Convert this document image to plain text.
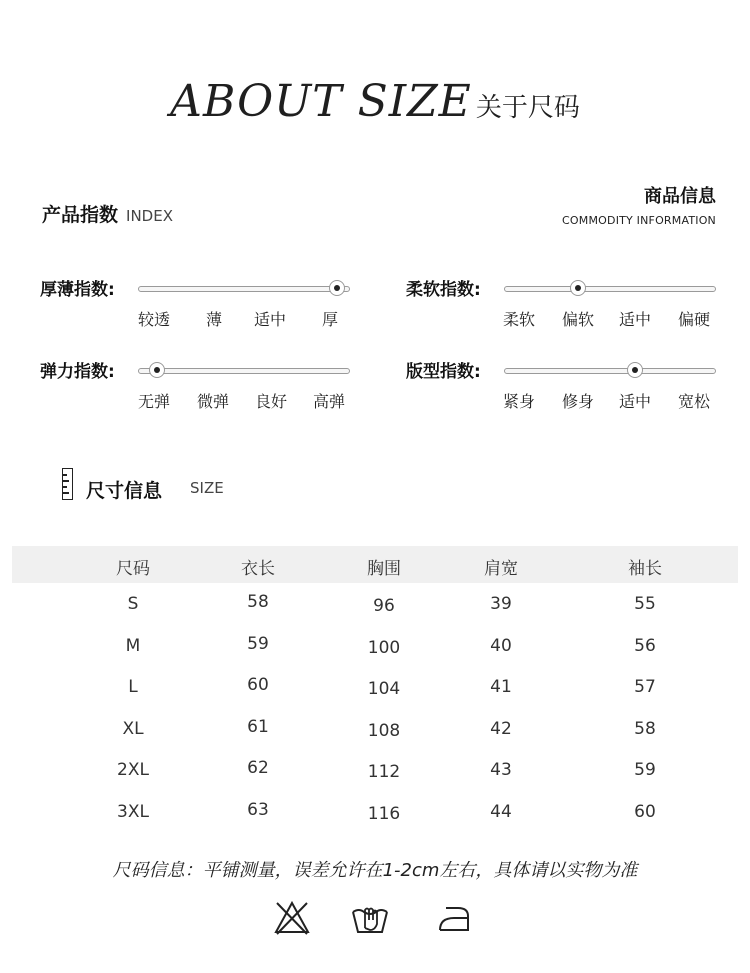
ABOUT SIZE 关于尺码
产品指数 INDEX
商品信息
COMMODITY INFORMATION
厚薄指数:
较透 薄 适中 厚
柔软指数:
柔软 偏软 适中 偏硬
弹力指数:
无弹 微弹 良好 高弹
版型指数:
紧身 修身 适中 宽松
尺寸信息 SIZE
尺码	衣长	胸围	肩宽	袖长
S	58	96	39	55
M	59	100	40	56
L	60	104	41	57
XL	61	108	42	58
2XL	62	112	43	59
3XL	63	116	44	60
尺码信息：平铺测量，误差允许在1-2cm左右，具体请以实物为准
